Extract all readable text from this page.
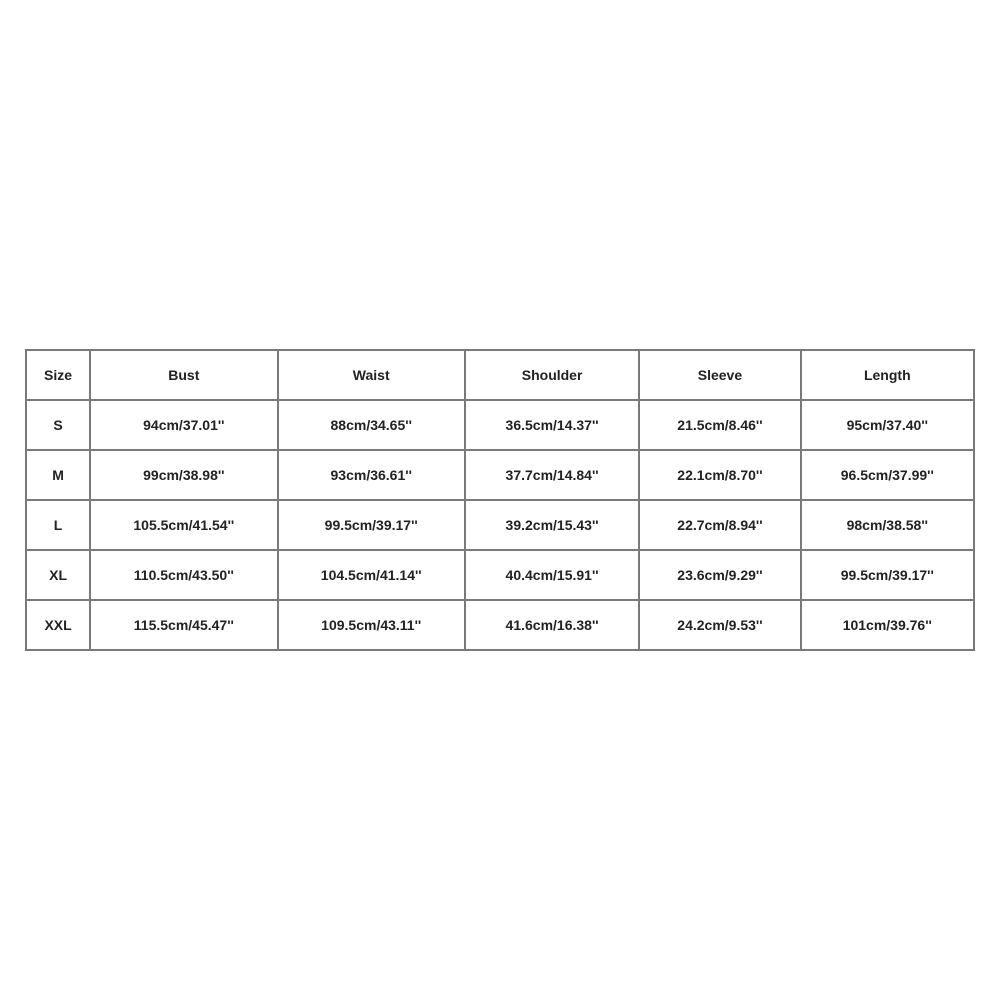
Size	Bust	Waist	Shoulder	Sleeve	Length
S	94cm/37.01''	88cm/34.65''	36.5cm/14.37''	21.5cm/8.46''	95cm/37.40''
M	99cm/38.98''	93cm/36.61''	37.7cm/14.84''	22.1cm/8.70''	96.5cm/37.99''
L	105.5cm/41.54''	99.5cm/39.17''	39.2cm/15.43''	22.7cm/8.94''	98cm/38.58''
XL	110.5cm/43.50''	104.5cm/41.14''	40.4cm/15.91''	23.6cm/9.29''	99.5cm/39.17''
XXL	115.5cm/45.47''	109.5cm/43.11''	41.6cm/16.38''	24.2cm/9.53''	101cm/39.76''
